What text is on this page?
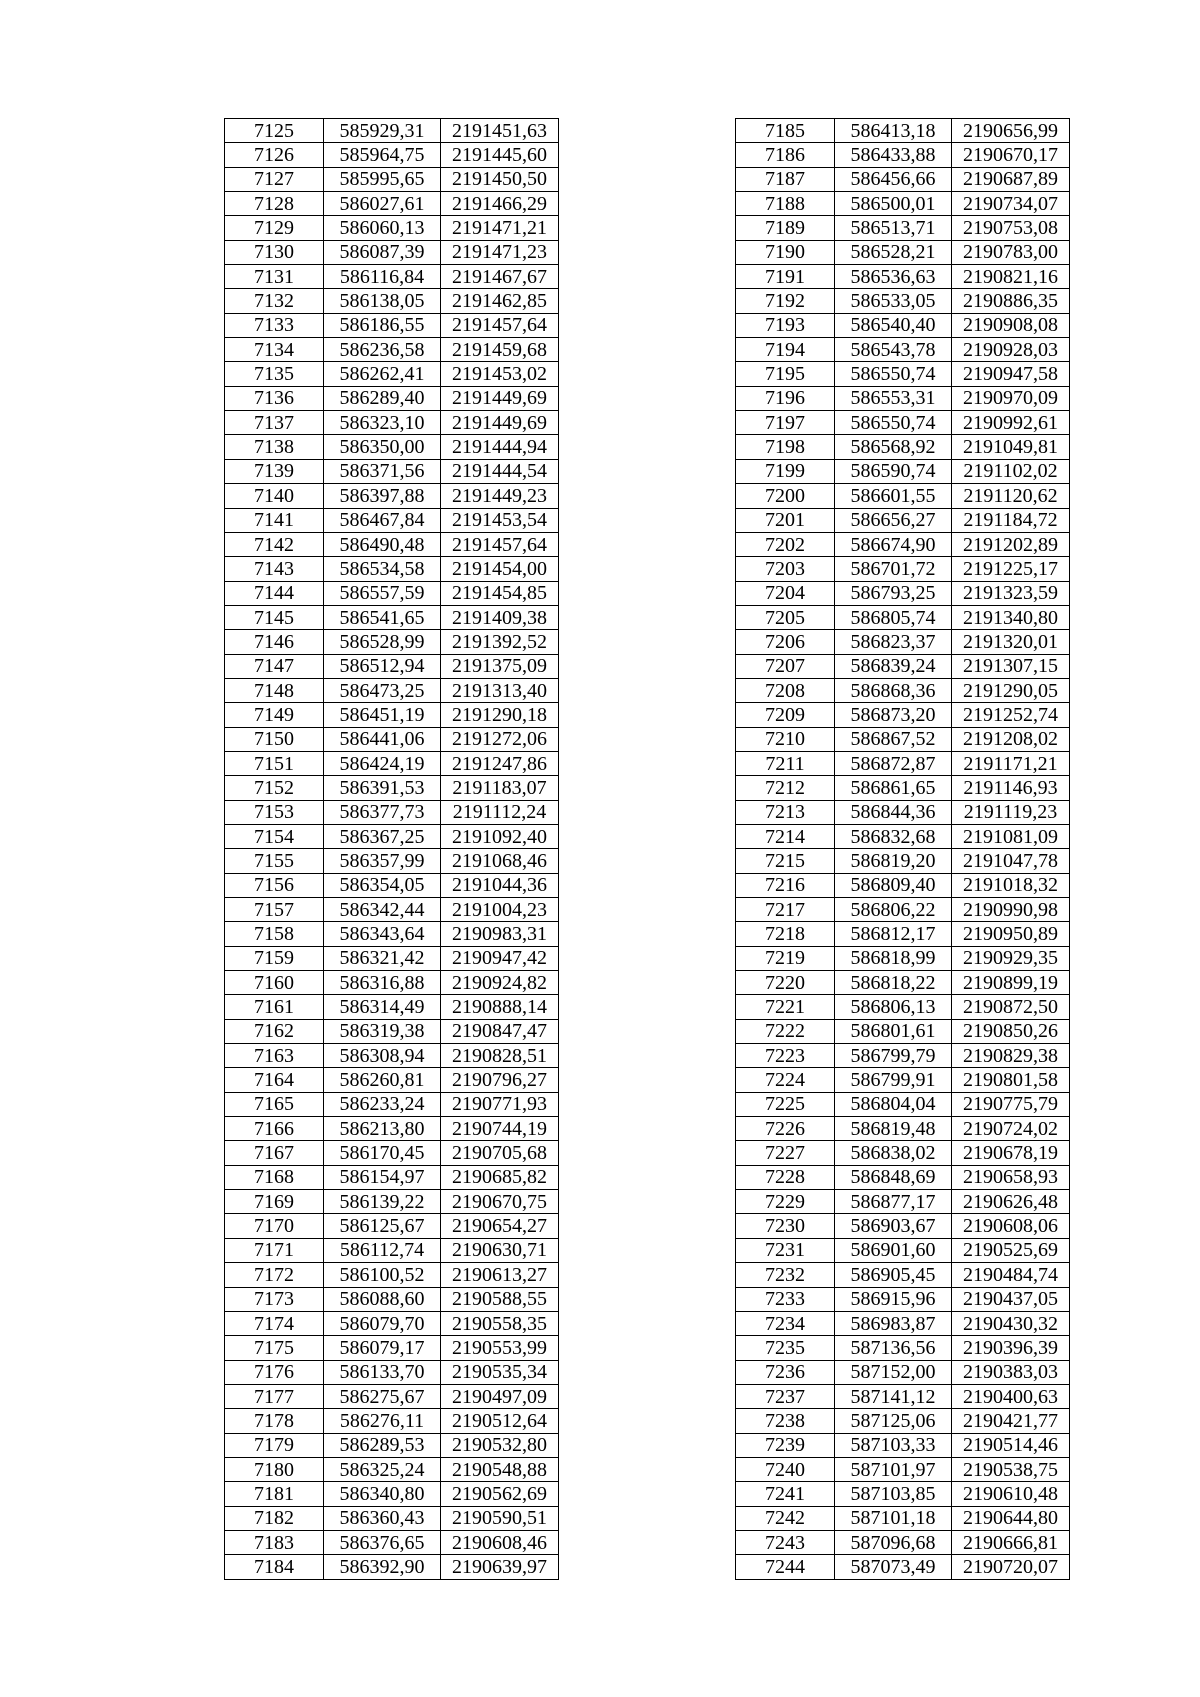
7125	585929,31	2191451,63
7126	585964,75	2191445,60
7127	585995,65	2191450,50
7128	586027,61	2191466,29
7129	586060,13	2191471,21
7130	586087,39	2191471,23
7131	586116,84	2191467,67
7132	586138,05	2191462,85
7133	586186,55	2191457,64
7134	586236,58	2191459,68
7135	586262,41	2191453,02
7136	586289,40	2191449,69
7137	586323,10	2191449,69
7138	586350,00	2191444,94
7139	586371,56	2191444,54
7140	586397,88	2191449,23
7141	586467,84	2191453,54
7142	586490,48	2191457,64
7143	586534,58	2191454,00
7144	586557,59	2191454,85
7145	586541,65	2191409,38
7146	586528,99	2191392,52
7147	586512,94	2191375,09
7148	586473,25	2191313,40
7149	586451,19	2191290,18
7150	586441,06	2191272,06
7151	586424,19	2191247,86
7152	586391,53	2191183,07
7153	586377,73	2191112,24
7154	586367,25	2191092,40
7155	586357,99	2191068,46
7156	586354,05	2191044,36
7157	586342,44	2191004,23
7158	586343,64	2190983,31
7159	586321,42	2190947,42
7160	586316,88	2190924,82
7161	586314,49	2190888,14
7162	586319,38	2190847,47
7163	586308,94	2190828,51
7164	586260,81	2190796,27
7165	586233,24	2190771,93
7166	586213,80	2190744,19
7167	586170,45	2190705,68
7168	586154,97	2190685,82
7169	586139,22	2190670,75
7170	586125,67	2190654,27
7171	586112,74	2190630,71
7172	586100,52	2190613,27
7173	586088,60	2190588,55
7174	586079,70	2190558,35
7175	586079,17	2190553,99
7176	586133,70	2190535,34
7177	586275,67	2190497,09
7178	586276,11	2190512,64
7179	586289,53	2190532,80
7180	586325,24	2190548,88
7181	586340,80	2190562,69
7182	586360,43	2190590,51
7183	586376,65	2190608,46
7184	586392,90	2190639,97
7185	586413,18	2190656,99
7186	586433,88	2190670,17
7187	586456,66	2190687,89
7188	586500,01	2190734,07
7189	586513,71	2190753,08
7190	586528,21	2190783,00
7191	586536,63	2190821,16
7192	586533,05	2190886,35
7193	586540,40	2190908,08
7194	586543,78	2190928,03
7195	586550,74	2190947,58
7196	586553,31	2190970,09
7197	586550,74	2190992,61
7198	586568,92	2191049,81
7199	586590,74	2191102,02
7200	586601,55	2191120,62
7201	586656,27	2191184,72
7202	586674,90	2191202,89
7203	586701,72	2191225,17
7204	586793,25	2191323,59
7205	586805,74	2191340,80
7206	586823,37	2191320,01
7207	586839,24	2191307,15
7208	586868,36	2191290,05
7209	586873,20	2191252,74
7210	586867,52	2191208,02
7211	586872,87	2191171,21
7212	586861,65	2191146,93
7213	586844,36	2191119,23
7214	586832,68	2191081,09
7215	586819,20	2191047,78
7216	586809,40	2191018,32
7217	586806,22	2190990,98
7218	586812,17	2190950,89
7219	586818,99	2190929,35
7220	586818,22	2190899,19
7221	586806,13	2190872,50
7222	586801,61	2190850,26
7223	586799,79	2190829,38
7224	586799,91	2190801,58
7225	586804,04	2190775,79
7226	586819,48	2190724,02
7227	586838,02	2190678,19
7228	586848,69	2190658,93
7229	586877,17	2190626,48
7230	586903,67	2190608,06
7231	586901,60	2190525,69
7232	586905,45	2190484,74
7233	586915,96	2190437,05
7234	586983,87	2190430,32
7235	587136,56	2190396,39
7236	587152,00	2190383,03
7237	587141,12	2190400,63
7238	587125,06	2190421,77
7239	587103,33	2190514,46
7240	587101,97	2190538,75
7241	587103,85	2190610,48
7242	587101,18	2190644,80
7243	587096,68	2190666,81
7244	587073,49	2190720,07
